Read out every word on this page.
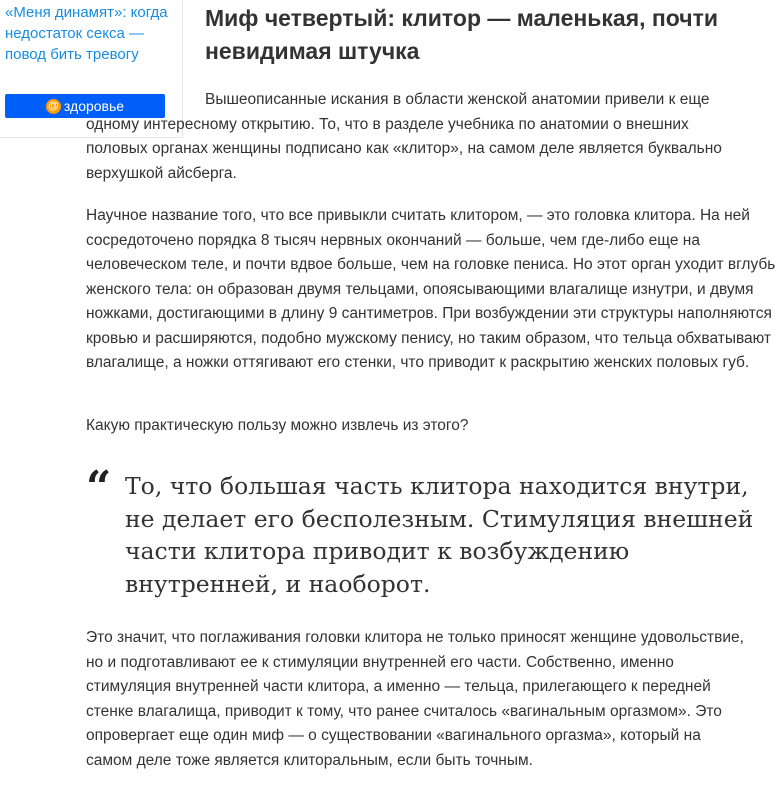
«Меня динамят»: когда недостаток секса — повод бить тревогу
@ здоровье
Миф четвертый: клитор — маленькая, почти невидимая штучка

Вышеописанные искания в области женской анатомии привели к еще одному интересному открытию. То, что в разделе учебника по анатомии о внешних половых органах женщины подписано как «клитор», на самом деле является буквально верхушкой айсберга.

Научное название того, что все привыкли считать клитором, — это головка клитора. На ней сосредоточено порядка 8 тысяч нервных окончаний — больше, чем где-либо еще на человеческом теле, и почти вдвое больше, чем на головке пениса. Но этот орган уходит вглубь женского тела: он образован двумя тельцами, опоясывающими влагалище изнутри, и двумя ножками, достигающими в длину 9 сантиметров. При возбуждении эти структуры наполняются кровью и расширяются, подобно мужскому пенису, но таким образом, что тельца обхватывают влагалище, а ножки оттягивают его стенки, что приводит к раскрытию женских половых губ.

Какую практическую пользу можно извлечь из этого?

“ То, что большая часть клитора находится внутри, не делает его бесполезным. Стимуляция внешней части клитора приводит к возбуждению внутренней, и наоборот.

Это значит, что поглаживания головки клитора не только приносят женщине удовольствие, но и подготавливают ее к стимуляции внутренней его части. Собственно, именно стимуляция внутренней части клитора, а именно — тельца, прилегающего к передней стенке влагалища, приводит к тому, что ранее считалось «вагинальным оргазмом». Это опровергает еще один миф — о существовании «вагинального оргазма», который на самом деле тоже является клиторальным, если быть точным.
